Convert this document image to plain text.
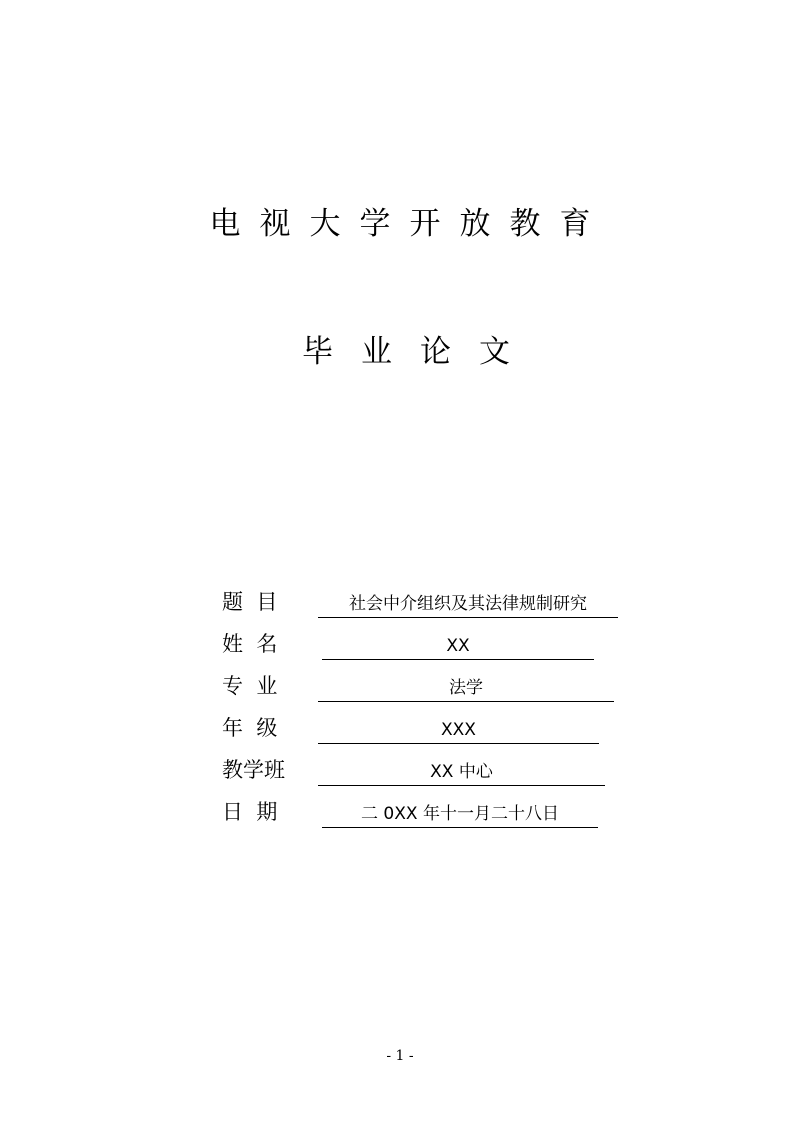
电视大学开放教育
毕业论文
题  目	社会中介组织及其法律规制研究
姓  名	XX
专  业	法学
年  级	XXX
教学班	XX 中心
日  期	二 0XX 年十一月二十八日
- 1 -
